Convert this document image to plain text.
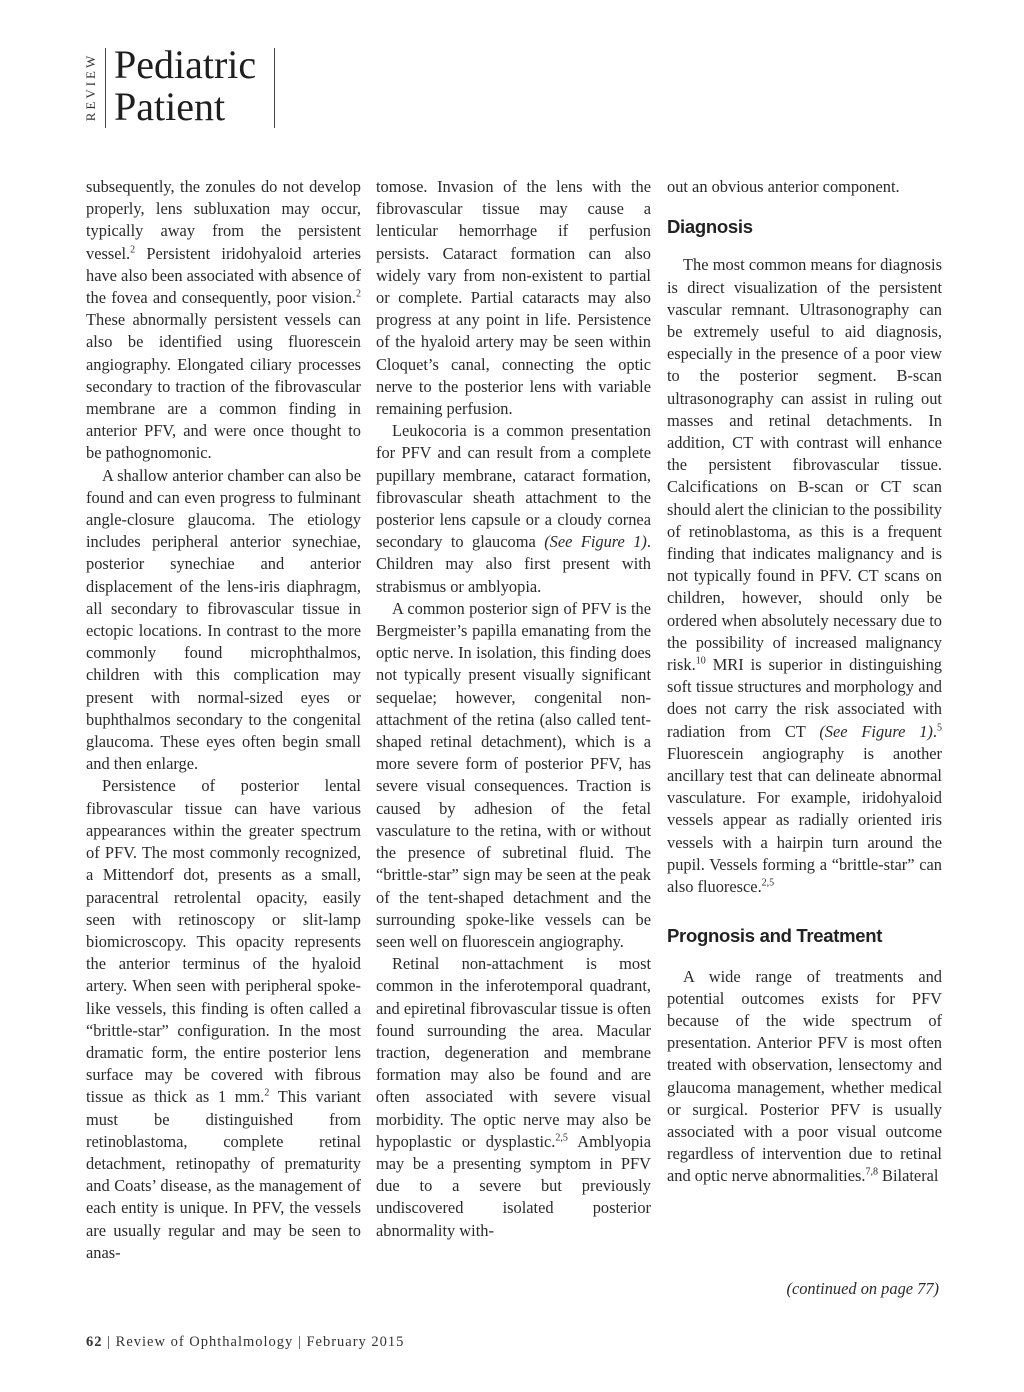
REVIEW Pediatric
Patient

subsequently, the zonules do not develop properly, lens subluxation may occur, typically away from the persistent vessel.$^2$ Persistent iridohyaloid arteries have also been associated with absence of the fovea and consequently, poor vision.$^2$ These abnormally persistent vessels can also be identified using fluorescein angiography. Elongated ciliary processes secondary to traction of the fibrovascular membrane are a common finding in anterior PFV, and were once thought to be pathognomonic.

A shallow anterior chamber can also be found and can even progress to fulminant angle-closure glaucoma. The etiology includes peripheral anterior synechiae, posterior synechiae and anterior displacement of the lens-iris diaphragm, all secondary to fibrovascular tissue in ectopic locations. In contrast to the more commonly found microphthalmos, children with this complication may present with normal-sized eyes or buphthalmos secondary to the congenital glaucoma. These eyes often begin small and then enlarge.

Persistence of posterior lental fibrovascular tissue can have various appearances within the greater spectrum of PFV. The most commonly recognized, a Mittendorf dot, presents as a small, paracentral retrolental opacity, easily seen with retinoscopy or slit-lamp biomicroscopy. This opacity represents the anterior terminus of the hyaloid artery. When seen with peripheral spoke-like vessels, this finding is often called a “brittle-star” configuration. In the most dramatic form, the entire posterior lens surface may be covered with fibrous tissue as thick as 1 mm.$^2$ This variant must be distinguished from retinoblastoma, complete retinal detachment, retinopathy of prematurity and Coats’ disease, as the management of each entity is unique. In PFV, the vessels are usually regular and may be seen to anas-

tomose. Invasion of the lens with the fibrovascular tissue may cause a lenticular hemorrhage if perfusion persists. Cataract formation can also widely vary from non-existent to partial or complete. Partial cataracts may also progress at any point in life. Persistence of the hyaloid artery may be seen within Cloquet’s canal, connecting the optic nerve to the posterior lens with variable remaining perfusion.

Leukocoria is a common presentation for PFV and can result from a complete pupillary membrane, cataract formation, fibrovascular sheath attachment to the posterior lens capsule or a cloudy cornea secondary to glaucoma (See Figure 1). Children may also first present with strabismus or amblyopia.

A common posterior sign of PFV is the Bergmeister’s papilla emanating from the optic nerve. In isolation, this finding does not typically present visually significant sequelae; however, congenital non-attachment of the retina (also called tent-shaped retinal detachment), which is a more severe form of posterior PFV, has severe visual consequences. Traction is caused by adhesion of the fetal vasculature to the retina, with or without the presence of subretinal fluid. The “brittle-star” sign may be seen at the peak of the tent-shaped detachment and the surrounding spoke-like vessels can be seen well on fluorescein angiography.

Retinal non-attachment is most common in the inferotemporal quadrant, and epiretinal fibrovascular tissue is often found surrounding the area. Macular traction, degeneration and membrane formation may also be found and are often associated with severe visual morbidity. The optic nerve may also be hypoplastic or dysplastic.$^{2,5}$ Amblyopia may be a presenting symptom in PFV due to a severe but previously undiscovered isolated posterior abnormality with-

out an obvious anterior component.

Diagnosis

The most common means for diagnosis is direct visualization of the persistent vascular remnant. Ultrasonography can be extremely useful to aid diagnosis, especially in the presence of a poor view to the posterior segment. B-scan ultrasonography can assist in ruling out masses and retinal detachments. In addition, CT with contrast will enhance the persistent fibrovascular tissue. Calcifications on B-scan or CT scan should alert the clinician to the possibility of retinoblastoma, as this is a frequent finding that indicates malignancy and is not typically found in PFV. CT scans on children, however, should only be ordered when absolutely necessary due to the possibility of increased malignancy risk.$^{10}$ MRI is superior in distinguishing soft tissue structures and morphology and does not carry the risk associated with radiation from CT (See Figure 1).$^5$ Fluorescein angiography is another ancillary test that can delineate abnormal vasculature. For example, iridohyaloid vessels appear as radially oriented iris vessels with a hairpin turn around the pupil. Vessels forming a “brittle-star” can also fluoresce.$^{2,5}$

Prognosis and Treatment

A wide range of treatments and potential outcomes exists for PFV because of the wide spectrum of presentation. Anterior PFV is most often treated with observation, lensectomy and glaucoma management, whether medical or surgical. Posterior PFV is usually associated with a poor visual outcome regardless of intervention due to retinal and optic nerve abnormalities.$^{7,8}$ Bilateral

(continued on page 77)
62 | Review of Ophthalmology | February 2015
